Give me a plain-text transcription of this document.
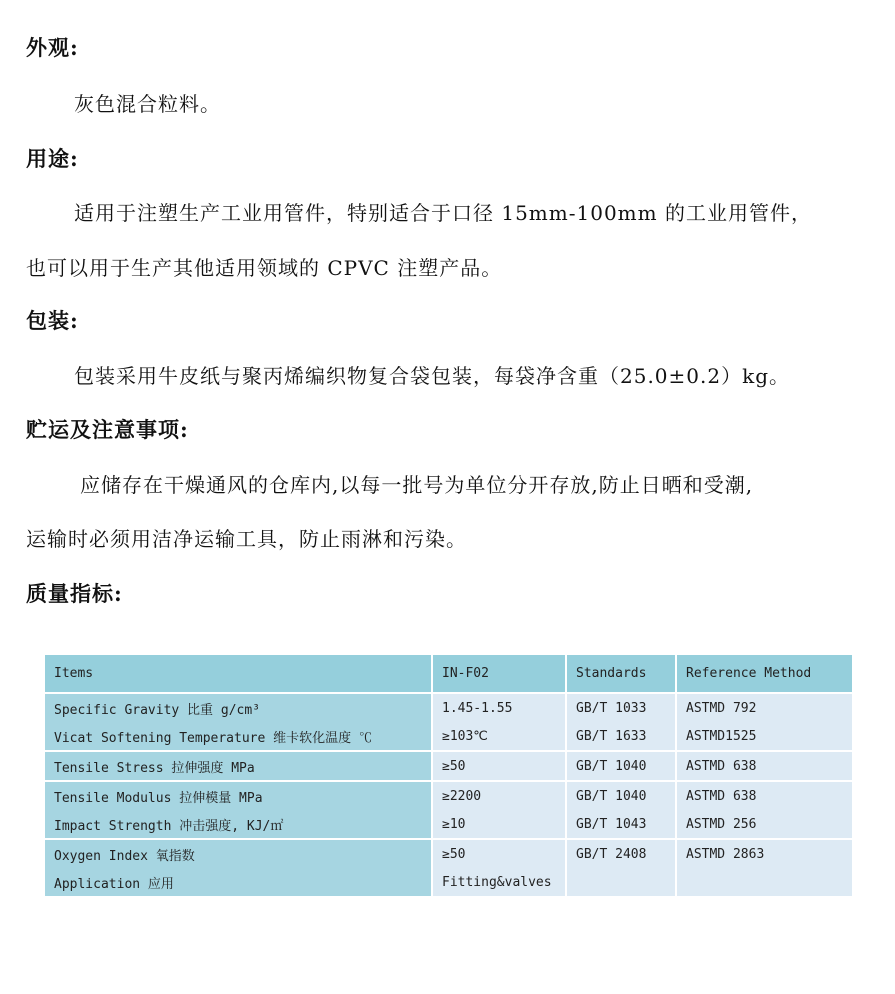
外观:
灰色混合粒料。
用途:
适用于注塑生产工业用管件，特别适合于口径 15mm-100mm 的工业用管件，
也可以用于生产其他适用领域的 CPVC 注塑产品。
包装:
包装采用牛皮纸与聚丙烯编织物复合袋包装，每袋净含重（25.0±0.2）kg。
贮运及注意事项:
应储存在干燥通风的仓库内,以每一批号为单位分开存放,防止日晒和受潮,
运输时必须用洁净运输工具，防止雨淋和污染。
质量指标:
Items	IN-F02	Standards	Reference Method
Specific Gravity 比重 g/cm³	1.45-1.55	GB/T 1033	ASTMD 792
Vicat Softening Temperature 维卡软化温度 ℃	≥103℃	GB/T 1633	ASTMD1525
Tensile Stress 拉伸强度 MPa	≥50	GB/T 1040	ASTMD 638
Tensile Modulus 拉伸模量 MPa	≥2200	GB/T 1040	ASTMD 638
Impact Strength 冲击强度, KJ/㎡	≥10	GB/T 1043	ASTMD 256
Oxygen Index 氧指数	≥50	GB/T 2408	ASTMD 2863
Application 应用	Fitting&valves		
